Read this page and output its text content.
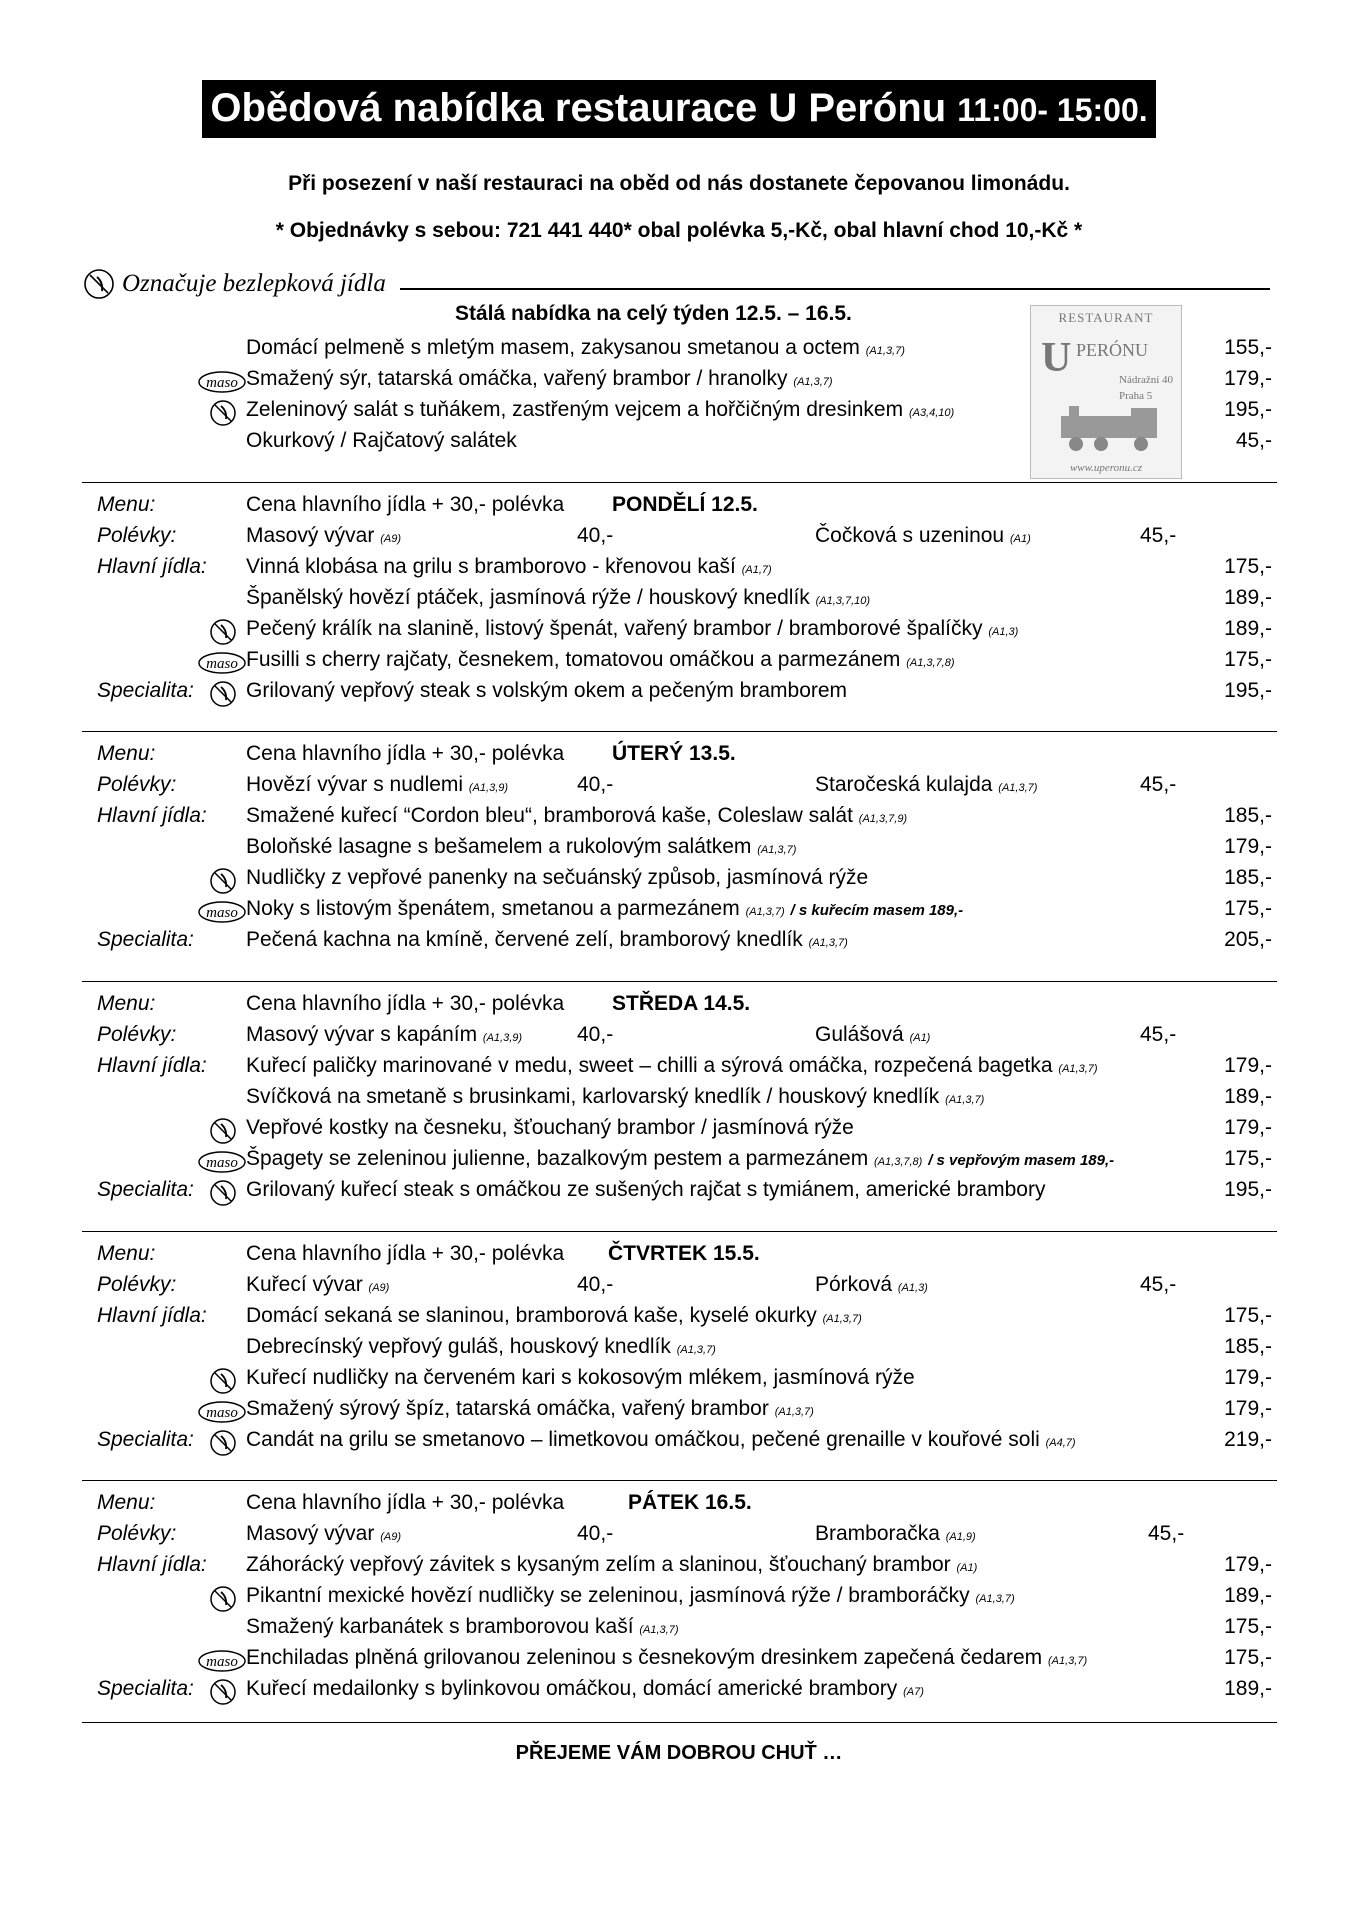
Obědová nabídka restaurace U Perónu 11:00- 15:00.
Při posezení v naší restauraci na oběd od nás dostanete čepovanou limonádu.
* Objednávky s sebou: 721 441 440* obal polévka 5,-Kč, obal hlavní chod 10,-Kč *
Označuje bezlepková jídla
Stálá nabídka na celý týden 12.5. – 16.5.	RESTAURANT
U PERÓNU
Nádražní 40
Praha 5
www.uperonu.cz
Domácí pelmeně s mletým masem, zakysanou smetanou a octem (A1,3,7)	155,-
maso Smažený sýr, tatarská omáčka, vařený brambor / hranolky (A1,3,7)	179,-
Zeleninový salát s tuňákem, zastřeným vejcem a hořčičným dresinkem (A3,4,10)	195,-
Okurkový / Rajčatový salátek	45,-
Menu:	Cena hlavního jídla + 30,- polévka PONDĚLÍ 12.5.
Polévky:	Masový vývar (A9)	40,-	Čočková s uzeninou (A1)	45,-
Hlavní jídla: Vinná klobása na grilu s bramborovo - křenovou kaší (A1,7)	175,-
Španělský hovězí ptáček, jasmínová rýže / houskový knedlík (A1,3,7,10)	189,-
Pečený králík na slanině, listový špenát, vařený brambor / bramborové špalíčky (A1,3)	189,-
maso Fusilli s cherry rajčaty, česnekem, tomatovou omáčkou a parmezánem (A1,3,7,8)	175,-
Specialita: Grilovaný vepřový steak s volským okem a pečeným bramborem	195,-
Menu:	Cena hlavního jídla + 30,- polévka ÚTERÝ 13.5.
Polévky:	Hovězí vývar s nudlemi (A1,3,9)	40,-	Staročeská kulajda (A1,3,7)	45,-
Hlavní jídla: Smažené kuřecí “Cordon bleu“, bramborová kaše, Coleslaw salát (A1,3,7,9)	185,-
Boloňské lasagne s bešamelem a rukolovým salátkem (A1,3,7)	179,-
Nudličky z vepřové panenky na sečuánský způsob, jasmínová rýže	185,-
maso Noky s listovým špenátem, smetanou a parmezánem (A1,3,7) / s kuřecím masem 189,-	175,-
Specialita: Pečená kachna na kmíně, červené zelí, bramborový knedlík (A1,3,7)	205,-
Menu:	Cena hlavního jídla + 30,- polévka STŘEDA 14.5.
Polévky:	Masový vývar s kapáním (A1,3,9)	40,-	Gulášová (A1)	45,-
Hlavní jídla: Kuřecí paličky marinované v medu, sweet – chilli a sýrová omáčka, rozpečená bagetka (A1,3,7)	179,-
Svíčková na smetaně s brusinkami, karlovarský knedlík / houskový knedlík (A1,3,7)	189,-
Vepřové kostky na česneku, šťouchaný brambor / jasmínová rýže	179,-
maso Špagety se zeleninou julienne, bazalkovým pestem a parmezánem (A1,3,7,8) / s vepřovým masem 189,-	175,-
Specialita: Grilovaný kuřecí steak s omáčkou ze sušených rajčat s tymiánem, americké brambory	195,-
Menu:	Cena hlavního jídla + 30,- polévka ČTVRTEK 15.5.
Polévky:	Kuřecí vývar (A9)	40,-	Pórková (A1,3)	45,-
Hlavní jídla: Domácí sekaná se slaninou, bramborová kaše, kyselé okurky (A1,3,7)	175,-
Debrecínský vepřový guláš, houskový knedlík (A1,3,7)	185,-
Kuřecí nudličky na červeném kari s kokosovým mlékem, jasmínová rýže	179,-
maso Smažený sýrový špíz, tatarská omáčka, vařený brambor (A1,3,7)	179,-
Specialita: Candát na grilu se smetanovo – limetkovou omáčkou, pečené grenaille v kouřové soli (A4,7)	219,-
Menu:	Cena hlavního jídla + 30,- polévka	PÁTEK 16.5.
Polévky:	Masový vývar (A9)	40,-	Bramboračka (A1,9)	45,-
Hlavní jídla: Záhorácký vepřový závitek s kysaným zelím a slaninou, šťouchaný brambor (A1)	179,-
Pikantní mexické hovězí nudličky se zeleninou, jasmínová rýže / bramboráčky (A1,3,7)	189,-
Smažený karbanátek s bramborovou kaší (A1,3,7)	175,-
maso Enchiladas plněná grilovanou zeleninou s česnekovým dresinkem zapečená čedarem (A1,3,7)	175,-
Specialita: Kuřecí medailonky s bylinkovou omáčkou, domácí americké brambory (A7)	189,-
PŘEJEME VÁM DOBROU CHUŤ …
